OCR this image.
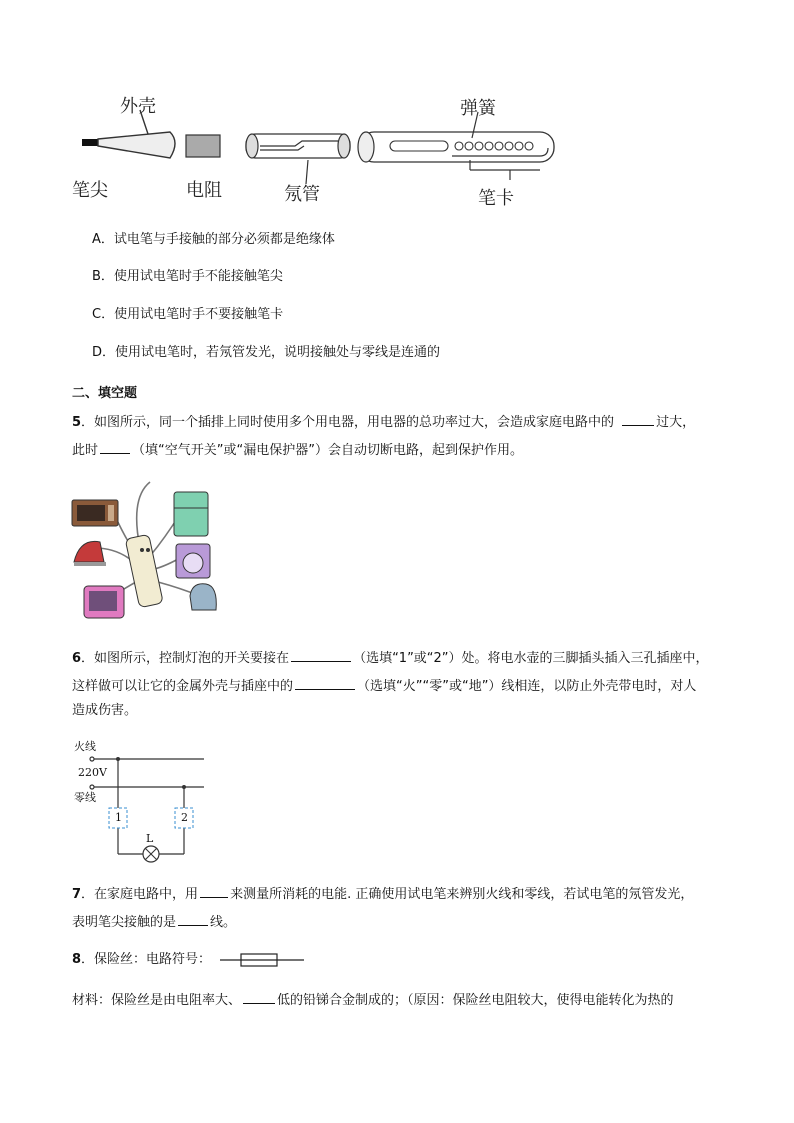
外壳
笔尖	电阻	氖管
弹簧
笔卡
A．试电笔与手接触的部分必须都是绝缘体
B．使用试电笔时手不能接触笔尖
C．使用试电笔时手不要接触笔卡
D．使用试电笔时，若氖管发光，说明接触处与零线是连通的
二、填空题
5．如图所示，同一个插排上同时使用多个用电器，用电器的总功率过大，会造成家庭电路中的	过大，
此时	（填“空气开关”或“漏电保护器”）会自动切断电路，起到保护作用。
6．如图所示，控制灯泡的开关要接在	（选填“1”或“2”）处。将电水壶的三脚插头插入三孔插座中，
这样做可以让它的金属外壳与插座中的	（选填“火”“零”或“地”）线相连，以防止外壳带电时，对人
造成伤害。
火线
220V
零线
1	2
L
7．在家庭电路中，用 来测量所消耗的电能. 正确使用试电笔来辨别火线和零线，若试电笔的氖管发光，
表明笔尖接触的是	线。
8．保险丝：电路符号：
材料：保险丝是由电阻率大、	低的铅锑合金制成的；（原因：保险丝电阻较大，使得电能转化为热的
